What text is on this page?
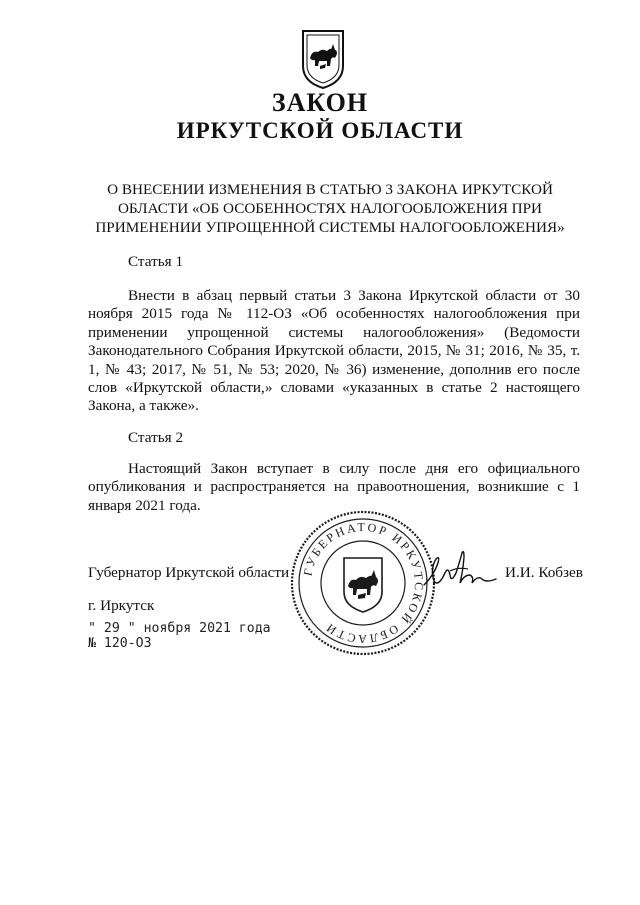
ЗАКОН
ИРКУТСКОЙ ОБЛАСТИ
О ВНЕСЕНИИ ИЗМЕНЕНИЯ В СТАТЬЮ 3 ЗАКОНА ИРКУТСКОЙ ОБЛАСТИ «ОБ ОСОБЕННОСТЯХ НАЛОГООБЛОЖЕНИЯ ПРИ ПРИМЕНЕНИИ УПРОЩЕННОЙ СИСТЕМЫ НАЛОГООБЛОЖЕНИЯ»
Статья 1

Внести в абзац первый статьи 3 Закона Иркутской области от 30 ноября 2015 года № 112-ОЗ «Об особенностях налогообложения при применении упрощенной системы налогообложения» (Ведомости Законодательного Собрания Иркутской области, 2015, № 31; 2016, № 35, т. 1, № 43; 2017, № 51, № 53; 2020, № 36) изменение, дополнив его после слов «Иркутской области,» словами «указанных в статье 2 настоящего Закона, а также».

Статья 2

Настоящий Закон вступает в силу после дня его официального опубликования и распространяется на правоотношения, возникшие с 1 января 2021 года.

ГУБЕРНАТОР ИРКУТСКОЙ ОБЛАСТИ
Губернатор Иркутской области	И.И. Кобзев
г. Иркутск
" 29 " ноября 2021 года
№ 120-ОЗ
